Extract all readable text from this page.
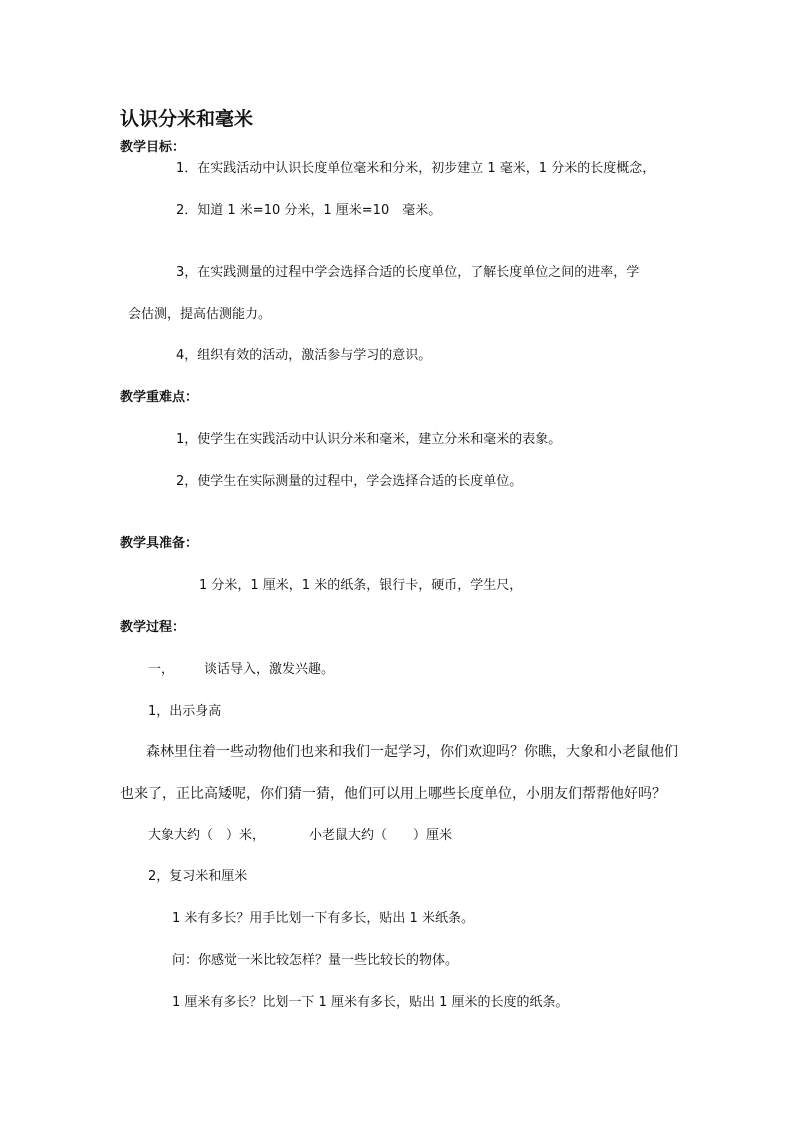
认识分米和毫米
教学目标：
1．在实践活动中认识长度单位毫米和分米，初步建立 1 毫米，1 分米的长度概念，
2．知道 1 米=10 分米，1 厘米=10　毫米。
3，在实践测量的过程中学会选择合适的长度单位，了解长度单位之间的进率，学
会估测，提高估测能力。
4，组织有效的活动，激活参与学习的意识。
教学重难点：
1，使学生在实践活动中认识分米和毫米，建立分米和毫米的表象。
2，使学生在实际测量的过程中，学会选择合适的长度单位。
教学具准备：
1 分米，1 厘米，1 米的纸条，银行卡，硬币，学生尺，
教学过程：
一， 谈话导入，激发兴趣。
1，出示身高
森林里住着一些动物他们也来和我们一起学习，你们欢迎吗？你瞧，大象和小老鼠他们
也来了，正比高矮呢，你们猜一猜，他们可以用上哪些长度单位，小朋友们帮帮他好吗？
大象大约（　）米，	小老鼠大约（　　）厘米
2，复习米和厘米
1 米有多长？用手比划一下有多长，贴出 1 米纸条。
问：你感觉一米比较怎样？量一些比较长的物体。
1 厘米有多长？比划一下 1 厘米有多长，贴出 1 厘米的长度的纸条。
